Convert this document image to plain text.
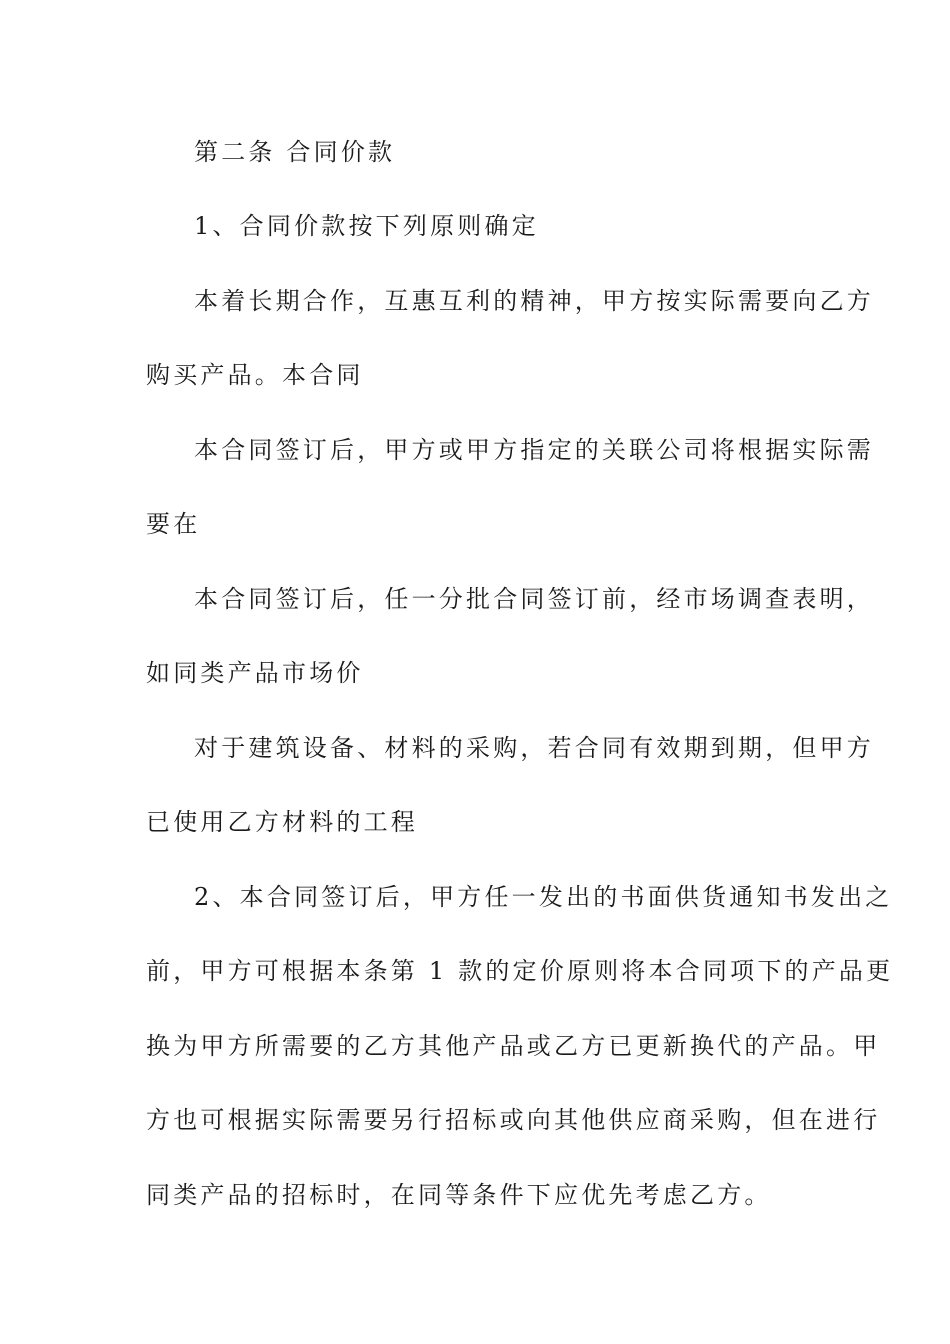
第二条 合同价款
1、合同价款按下列原则确定
本着长期合作，互惠互利的精神，甲方按实际需要向乙方
购买产品。本合同
本合同签订后，甲方或甲方指定的关联公司将根据实际需
要在
本合同签订后，任一分批合同签订前，经市场调查表明，
如同类产品市场价
对于建筑设备、材料的采购，若合同有效期到期，但甲方
已使用乙方材料的工程
2、本合同签订后，甲方任一发出的书面供货通知书发出之
前，甲方可根据本条第 1 款的定价原则将本合同项下的产品更
换为甲方所需要的乙方其他产品或乙方已更新换代的产品。甲
方也可根据实际需要另行招标或向其他供应商采购，但在进行
同类产品的招标时，在同等条件下应优先考虑乙方。
